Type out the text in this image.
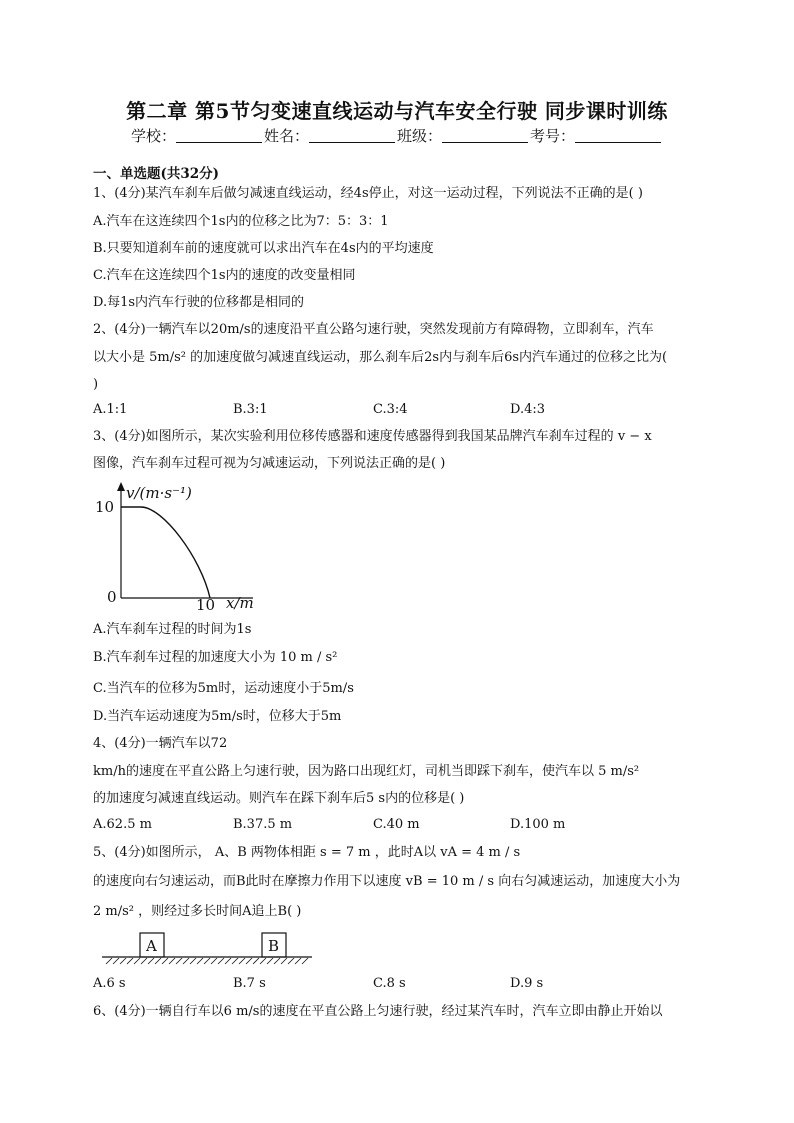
第二章 第5节匀变速直线运动与汽车安全行驶 同步课时训练
学校：	姓名：	班级：	考号：
一、单选题(共32分)
1、(4分)某汽车刹车后做匀减速直线运动，经4s停止，对这一运动过程，下列说法不正确的是( )
A.汽车在这连续四个1s内的位移之比为7：5：3：1
B.只要知道刹车前的速度就可以求出汽车在4s内的平均速度
C.汽车在这连续四个1s内的速度的改变量相同
D.每1s内汽车行驶的位移都是相同的
2、(4分)一辆汽车以20m/s的速度沿平直公路匀速行驶，突然发现前方有障碍物，立即刹车，汽车
以大小是 5m/s² 的加速度做匀减速直线运动，那么刹车后2s内与刹车后6s内汽车通过的位移之比为(
)
A.1:1	B.3:1	C.3:4	D.4:3
3、(4分)如图所示，某次实验利用位移传感器和速度传感器得到我国某品牌汽车刹车过程的 v − x
图像，汽车刹车过程可视为匀减速运动，下列说法正确的是( )
v/(m·s⁻¹)
10
0	10 x/m
A.汽车刹车过程的时间为1s
B.汽车刹车过程的加速度大小为 10 m / s²
C.当汽车的位移为5m时，运动速度小于5m/s
D.当汽车运动速度为5m/s时，位移大于5m
4、(4分)一辆汽车以72
km/h的速度在平直公路上匀速行驶，因为路口出现红灯，司机当即踩下刹车，使汽车以 5 m/s²
的加速度匀减速直线运动。则汽车在踩下刹车后5 s内的位移是( )
A.62.5 m	B.37.5 m	C.40 m	D.100 m
5、(4分)如图所示， A、B 两物体相距 s = 7 m ，此时A以 vA = 4 m / s
的速度向右匀速运动，而B此时在摩擦力作用下以速度 vB = 10 m / s 向右匀减速运动，加速度大小为
2 m/s² ，则经过多长时间A追上B( )
A	B
A.6 s	B.7 s	C.8 s	D.9 s
6、(4分)一辆自行车以6 m/s的速度在平直公路上匀速行驶，经过某汽车时，汽车立即由静止开始以
